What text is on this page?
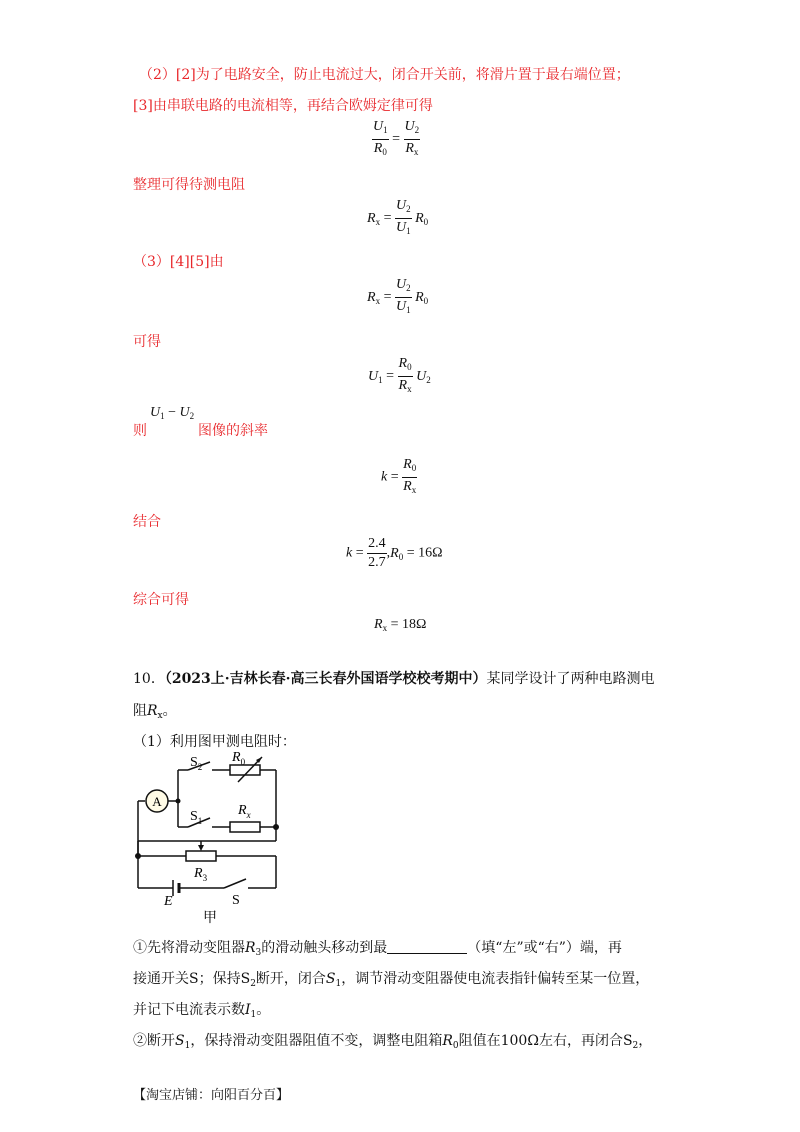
（2）[2]为了电路安全，防止电流过大，闭合开关前，将滑片置于最右端位置；
[3]由串联电路的电流相等，再结合欧姆定律可得
$\frac{U_1}{R_0} = \frac{U_2}{R_x}$
整理可得待测电阻
$R_x = \frac{U_2}{U_1} R_0$
（3）[4][5]由
$R_x = \frac{U_2}{U_1} R_0$
可得
$U_1 = \frac{R_0}{R_x} U_2$
则
$U_1 - U_2$
图像的斜率
$k = \frac{R_0}{R_x}$
结合
$k = \frac{2.4}{2.7} ,R_0 = 16\Omega$
综合可得
$R_x = 18\Omega$
10．（2023上·吉林长春·高三长春外国语学校校考期中）某同学设计了两种电路测电
阻$R_x$。
（1）利用图甲测电阻时：
A
$S_2$
$R_0$
$S_1$
$R_x$
$R_3$
E	S
甲
①先将滑动变阻器$R_3$的滑动触头移动到最	（填“左”或“右”）端，再
接通开关S；保持$S_2$断开，闭合$S_1$，调节滑动变阻器使电流表指针偏转至某一位置，
并记下电流表示数$I_1$。
②断开$S_1$，保持滑动变阻器阻值不变，调整电阻箱$R_0$阻值在100Ω左右，再闭合$S_2$，
【淘宝店铺：向阳百分百】
